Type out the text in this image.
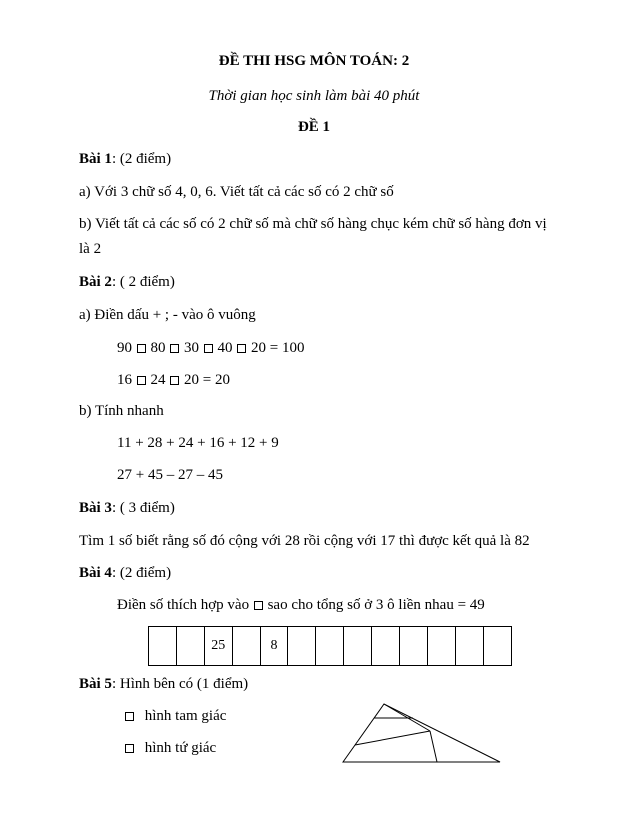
ĐỀ THI HSG MÔN TOÁN: 2
Thời gian học sinh làm bài 40 phút
ĐỀ 1
Bài 1: (2 điểm)
a) Với 3 chữ số 4, 0, 6. Viết tất cả các số có 2 chữ số
b) Viết tất cả các số có 2 chữ số mà chữ số hàng chục kém chữ số hàng đơn vị
là 2
Bài 2: ( 2 điểm)
a) Điền dấu + ; - vào ô vuông
90 80 30 40 20 = 100
16 24 20 = 20
b) Tính nhanh
11 + 28 + 24 + 16 + 12 + 9
27 + 45 – 27 – 45
Bài 3: ( 3 điểm)
Tìm 1 số biết rằng số đó cộng với 28 rồi cộng với 17 thì được kết quả là 82
Bài 4: (2 điểm)
Điền số thích hợp vào sao cho tổng số ở 3 ô liền nhau = 49
		25		8								
Bài 5: Hình bên có (1 điểm)
hình tam giác
hình tứ giác
